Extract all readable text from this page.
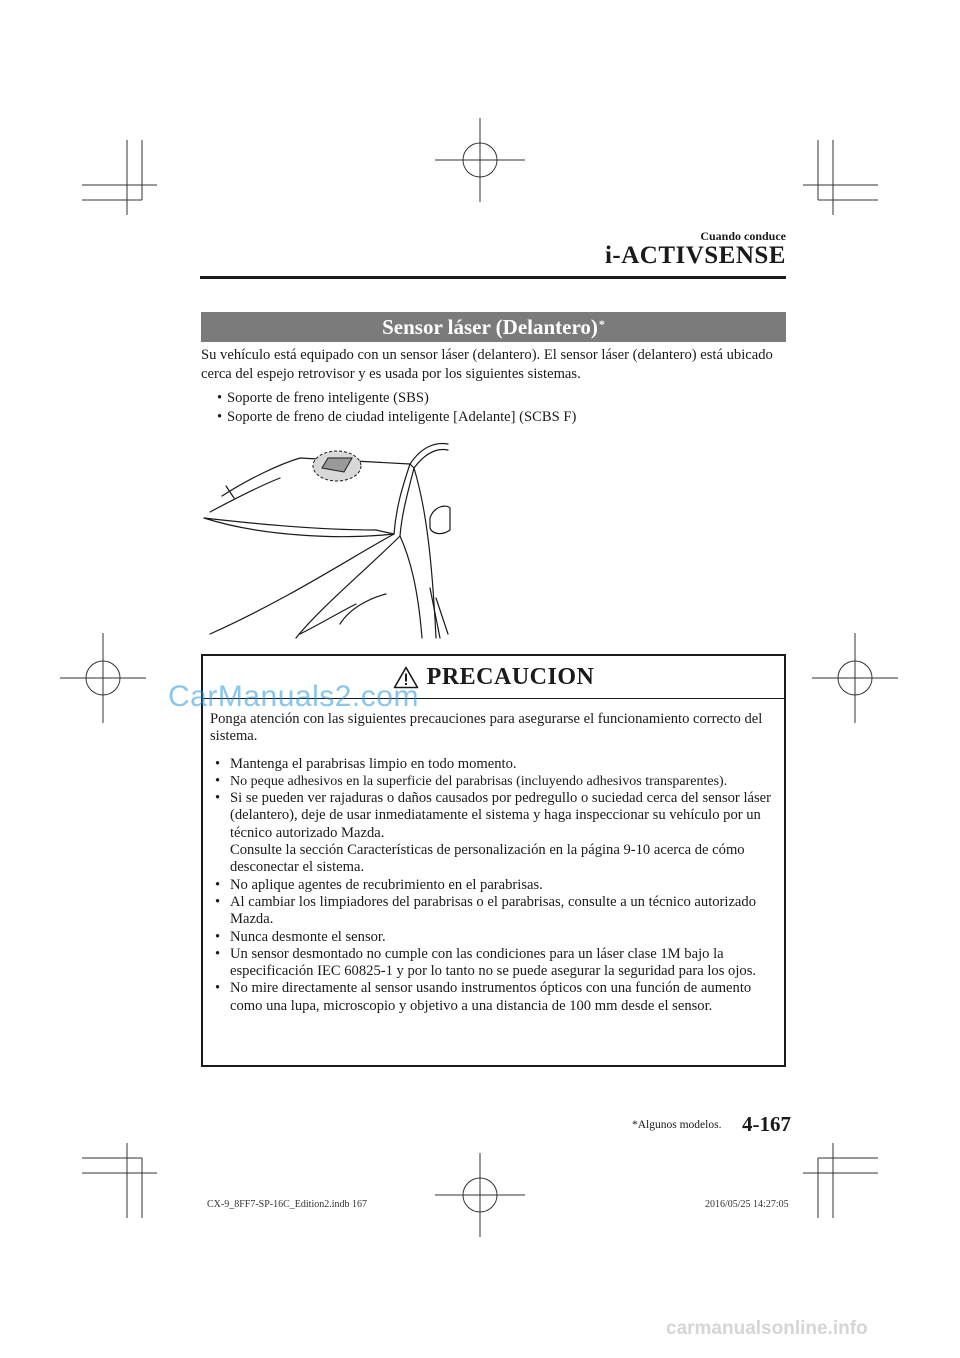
Cuando conduce
i-ACTIVSENSE
Sensor láser (Delantero)*
Su vehículo está equipado con un sensor láser (delantero). El sensor láser (delantero) está ubicado cerca del espejo retrovisor y es usada por los siguientes sistemas.
• Soporte de freno inteligente (SBS)
• Soporte de freno de ciudad inteligente [Adelante] (SCBS F)
PRECAUCION

Ponga atención con las siguientes precauciones para asegurarse el funcionamiento correcto del sistema.

• Mantenga el parabrisas limpio en todo momento.
• No peque adhesivos en la superficie del parabrisas (incluyendo adhesivos transparentes).
• Si se pueden ver rajaduras o daños causados por pedregullo o suciedad cerca del sensor láser (delantero), deje de usar inmediatamente el sistema y haga inspeccionar su vehículo por un técnico autorizado Mazda.
Consulte la sección Características de personalización en la página 9-10 acerca de cómo desconectar el sistema.
• No aplique agentes de recubrimiento en el parabrisas.
• Al cambiar los limpiadores del parabrisas o el parabrisas, consulte a un técnico autorizado Mazda.
• Nunca desmonte el sensor.
• Un sensor desmontado no cumple con las condiciones para un láser clase 1M bajo la especificación IEC 60825-1 y por lo tanto no se puede asegurar la seguridad para los ojos.
• No mire directamente al sensor usando instrumentos ópticos con una función de aumento como una lupa, microscopio y objetivo a una distancia de 100 mm desde el sensor.
CarManuals2.com
*Algunos modelos. 4-167
CX-9_8FF7-SP-16C_Edition2.indb 167	2016/05/25 14:27:05
carmanualsonline.info
